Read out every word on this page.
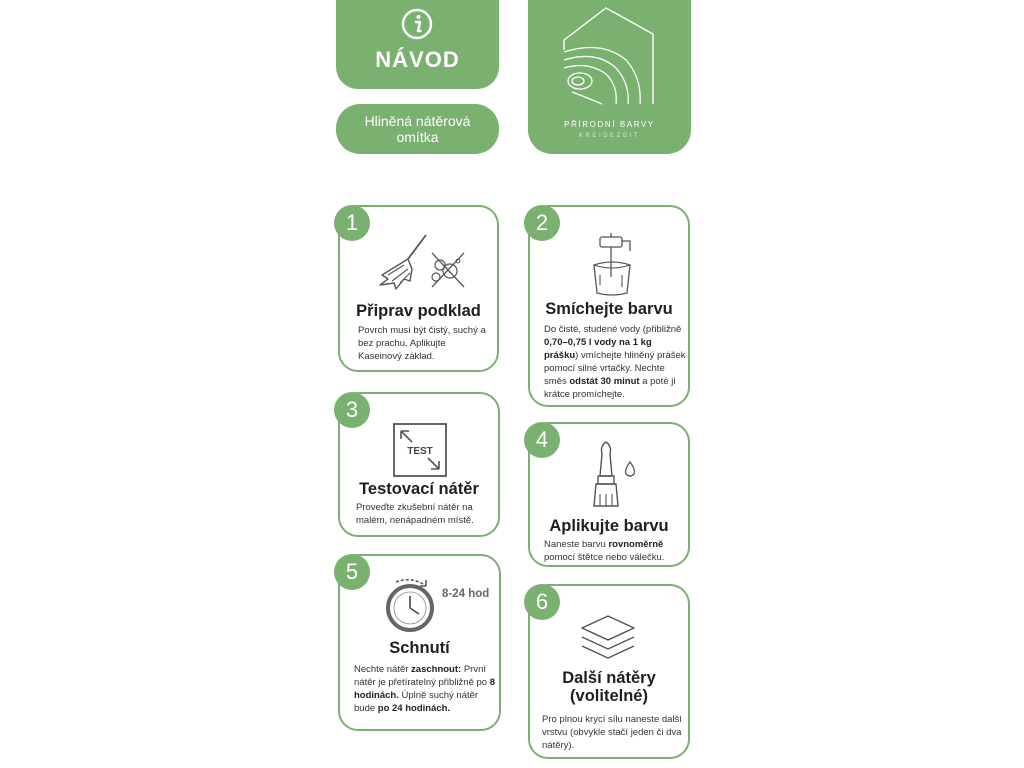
NÁVOD
Hliněná nátěrová omítka
PŘÍRODNÍ BARVY
KREIDEZEIT
1
Připrav podklad
Povrch musí být čistý, suchý a bez prachu. Aplikujte Kaseinový základ.
2
Smíchejte barvu
Do čisté, studené vody (přibližně 0,70–0,75 l vody na 1 kg prášku) vmíchejte hliněný prášek pomocí silné vrtačky. Nechte směs odstát 30 minut a poté ji krátce promíchejte.
3
TEST
Testovací nátěr
Proveďte zkušební nátěr na malém, nenápadném místě.
4
Aplikujte barvu
Naneste barvu rovnoměrně pomocí štětce nebo válečku.
5
8-24 hod
Schnutí
Nechte nátěr zaschnout: První nátěr je přetíratelný přibližně po 8 hodinách. Úplně suchý nátěr bude po 24 hodinách.
6
Další nátěry
(volitelné)
Pro plnou krycí sílu naneste další vrstvu (obvykle stačí jeden či dva nátěry).
